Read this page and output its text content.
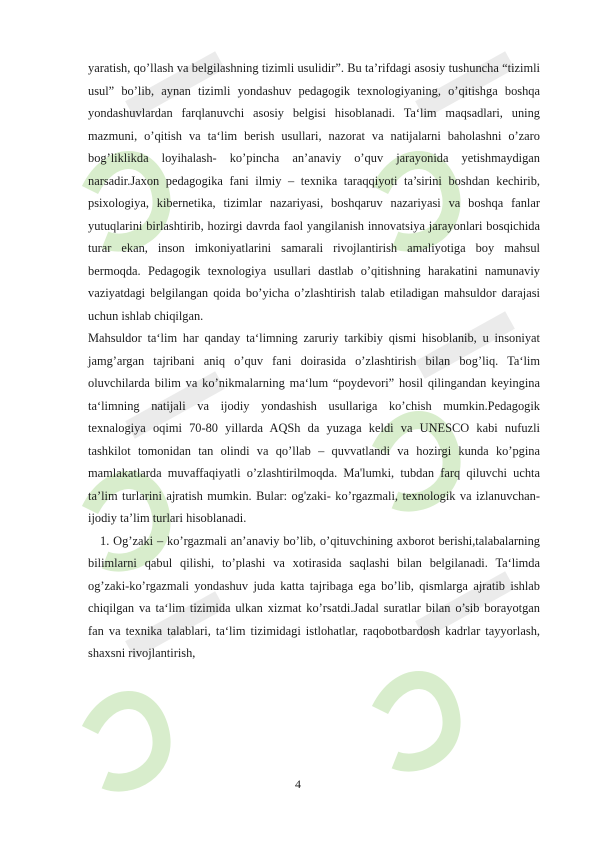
yaratish, qo’llash va belgilashning tizimli usulidir”. Bu ta’rifdagi asosiy tushuncha “tizimli usul” bo’lib, aynan tizimli yondashuv pedagogik texnologiyaning, o’qitishga boshqa yondashuvlardan farqlanuvchi asosiy belgisi hisoblanadi. Ta‘lim maqsadlari, uning mazmuni, o’qitish va ta‘lim berish usullari, nazorat va natijalarni baholashni o’zaro bog’liklikda loyihalash- ko’pincha an’anaviy o’quv jarayonida yetishmaydigan narsadir.Jaxon pedagogika fani ilmiy – texnika taraqqiyoti ta’sirini boshdan kechirib, psixologiya, kibernetika, tizimlar nazariyasi, boshqaruv nazariyasi va boshqa fanlar yutuqlarini birlashtirib, hozirgi davrda faol yangilanish innovatsiya jarayonlari bosqichida turar ekan, inson imkoniyatlarini samarali rivojlantirish amaliyotiga boy mahsul bermoqda. Pedagogik texnologiya usullari dastlab o’qitishning harakatini namunaviy vaziyatdagi belgilangan qoida bo’yicha o’zlashtirish talab etiladigan mahsuldor darajasi uchun ishlab chiqilgan.

Mahsuldor ta‘lim har qanday ta‘limning zaruriy tarkibiy qismi hisoblanib, u insoniyat jamg’argan tajribani aniq o’quv fani doirasida o’zlashtirish bilan bog’liq. Ta‘lim oluvchilarda bilim va ko’nikmalarning ma‘lum “poydevori” hosil qilingandan keyingina ta‘limning natijali va ijodiy yondashish usullariga ko’chish mumkin.Pedagogik texnalogiya oqimi 70-80 yillarda AQSh da yuzaga keldi va UNESCO kabi nufuzli tashkilot tomonidan tan olindi va qo’llab – quvvatlandi va hozirgi kunda ko’pgina mamlakatlarda muvaffaqiyatli o’zlashtirilmoqda. Ma'lumki, tubdan farq qiluvchi uchta ta’lim turlarini ajratish mumkin. Bular: og'zaki- ko’rgazmali, texnologik va izlanuvchan-ijodiy ta’lim turlari hisoblanadi.

1. Og’zaki – ko’rgazmali an’anaviy bo’lib, o’qituvchining axborot berishi,talabalarning bilimlarni qabul qilishi, to’plashi va xotirasida saqlashi bilan belgilanadi. Ta‘limda og’zaki-ko’rgazmali yondashuv juda katta tajribaga ega bo’lib, qismlarga ajratib ishlab chiqilgan va ta‘lim tizimida ulkan xizmat ko’rsatdi.Jadal suratlar bilan o’sib borayotgan fan va texnika talablari, ta‘lim tizimidagi istlohatlar, raqobotbardosh kadrlar tayyorlash, shaxsni rivojlantirish,

4
